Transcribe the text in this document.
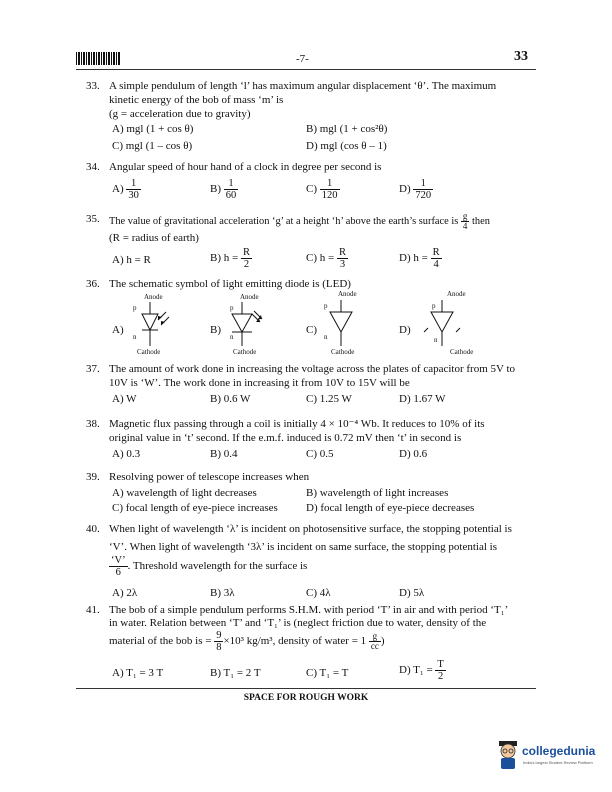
-7-	33
33. A simple pendulum of length ‘l’ has maximum angular displacement ‘θ’. The maximum
kinetic energy of the bob of mass ‘m’ is
(g = acceleration due to gravity)
A) mgl (1 + cos θ)	B) mgl (1 + cos²θ)
C) mgl (1 – cos θ)	D) mgl (cos θ – 1)
34. Angular speed of hour hand of a clock in degree per second is
$A) \frac{1}{30}$	$B) \frac{1}{60}$	$C) \frac{1}{120}$	$D) \frac{1}{720}$
35. The value of gravitational acceleration ‘g’ at a height ‘h’ above the earth’s surface is $\frac{g}{4}$ then
(R = radius of earth)
A) h = R	B) $h = \frac{R}{2}$	C) $h = \frac{R}{3}$	D) $h = \frac{R}{4}$
36. The schematic symbol of light emitting diode is (LED)
A)
Anode
Cathode
p
n
B)
Anode
Cathode
p
n
C)
Anode
Cathode
p
n
D)
Anode
Cathode
p
n
37. The amount of work done in increasing the voltage across the plates of capacitor from 5V to
10V is ‘W’. The work done in increasing it from 10V to 15V will be
A) W	B) 0.6 W	C) 1.25 W	D) 1.67 W
38. Magnetic flux passing through a coil is initially 4 × 10⁻⁴ Wb. It reduces to 10% of its
original value in ‘t’ second. If the e.m.f. induced is 0.72 mV then ‘t’ in second is
A) 0.3	B) 0.4	C) 0.5	D) 0.6
39. Resolving power of telescope increases when
A) wavelength of light decreases	B) wavelength of light increases
C) focal length of eye-piece increases	D) focal length of eye-piece decreases
40. When light of wavelength ‘λ’ is incident on photosensitive surface, the stopping potential is
‘V’. When light of wavelength ‘3λ’ is incident on same surface, the stopping potential is
$\frac{‘V’}{6}$ . Threshold wavelength for the surface is
A) 2λ	B) 3λ	C) 4λ	D) 5λ
41. The bob of a simple pendulum performs S.H.M. with period ‘T’ in air and with period ‘T₁’
in water. Relation between ‘T’ and ‘T₁’ is (neglect friction due to water, density of the
material of the bob is = $\frac{9}{8} \times 10^3$ kg/m³, density of water = $1 \frac{g}{cc}$ )
A) T₁ = 3 T	B) T₁ = 2 T	C) T₁ = T	D) $T_1 = \frac{T}{2}$
SPACE FOR ROUGH WORK
collegedunia
India's largest Student Review Platform
